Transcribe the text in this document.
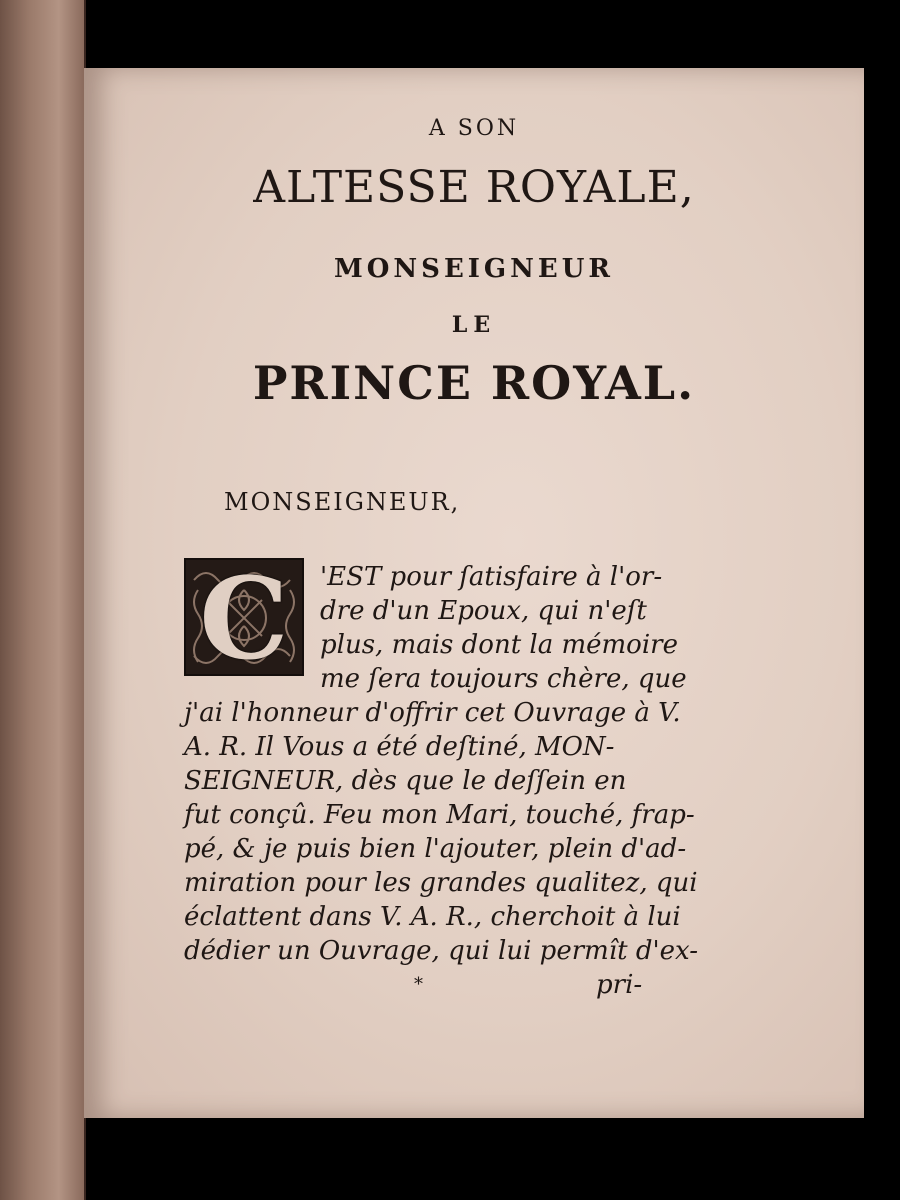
A SON
ALTESSE ROYALE,
MONSEIGNEUR
LE
PRINCE ROYAL.
MONSEIGNEUR,
C	'EST pour ſatisfaire à l'or-
dre d'un Epoux, qui n'eſt
plus, mais dont la mémoire
me ſera toujours chère, que
j'ai l'honneur d'offrir cet Ouvrage à V.
A. R. Il Vous a été deſtiné, MON-
SEIGNEUR, dès que le deſſein en
fut conçû. Feu mon Mari, touché, frap-
pé, & je puis bien l'ajouter, plein d'ad-
miration pour les grandes qualitez, qui
éclattent dans V. A. R., cherchoit à lui
dédier un Ouvrage, qui lui permît d'ex-
*	pri-
